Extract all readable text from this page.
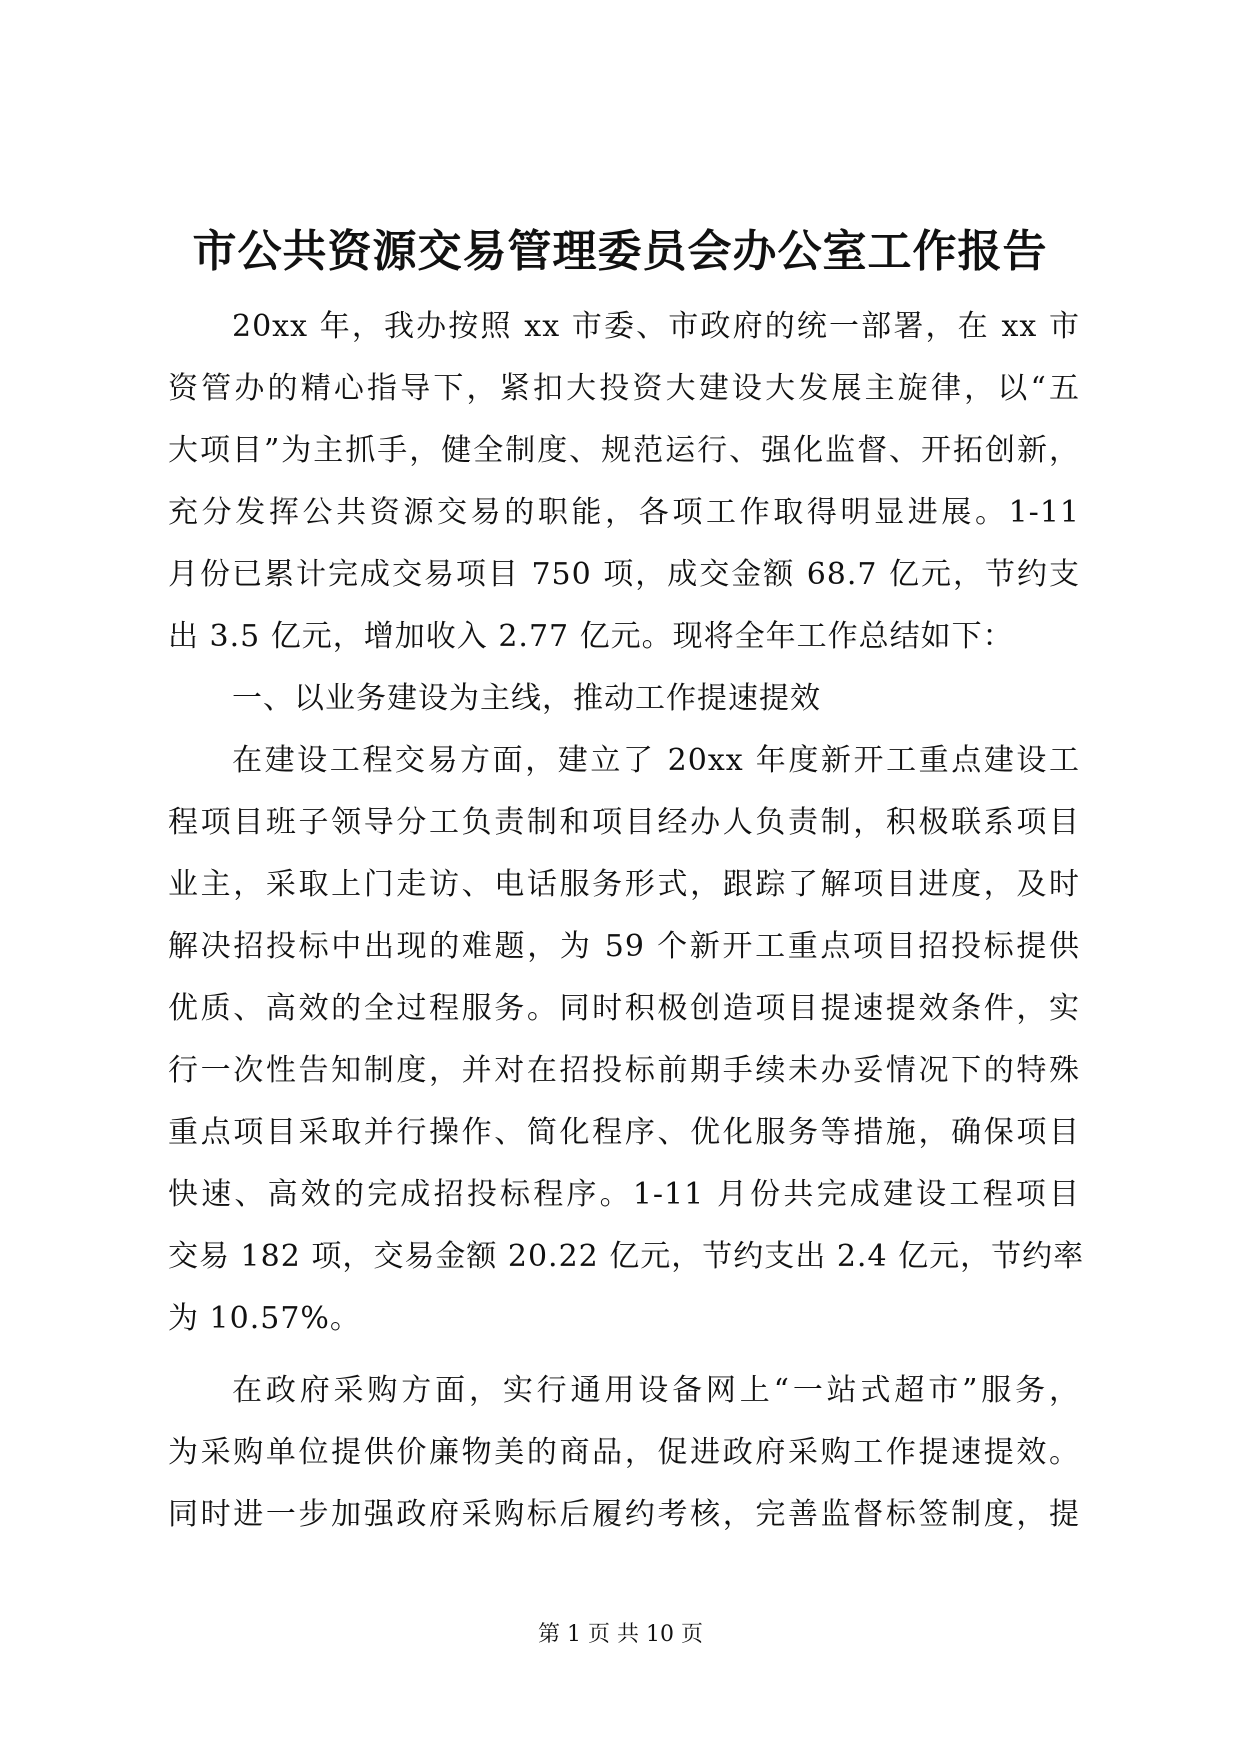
市公共资源交易管理委员会办公室工作报告
20xx 年，我办按照 xx 市委、市政府的统一部署，在 xx 市
资管办的精心指导下，紧扣大投资大建设大发展主旋律，以“五
大项目”为主抓手，健全制度、规范运行、强化监督、开拓创新，
充分发挥公共资源交易的职能，各项工作取得明显进展。1-11
月份已累计完成交易项目 750 项，成交金额 68.7 亿元，节约支
出 3.5 亿元，增加收入 2.77 亿元。现将全年工作总结如下：
一、以业务建设为主线，推动工作提速提效
在建设工程交易方面，建立了 20xx 年度新开工重点建设工
程项目班子领导分工负责制和项目经办人负责制，积极联系项目
业主，采取上门走访、电话服务形式，跟踪了解项目进度，及时
解决招投标中出现的难题，为 59 个新开工重点项目招投标提供
优质、高效的全过程服务。同时积极创造项目提速提效条件，实
行一次性告知制度，并对在招投标前期手续未办妥情况下的特殊
重点项目采取并行操作、简化程序、优化服务等措施，确保项目
快速、高效的完成招投标程序。1-11 月份共完成建设工程项目
交易 182 项，交易金额 20.22 亿元，节约支出 2.4 亿元，节约率
为 10.57%。
在政府采购方面，实行通用设备网上“一站式超市”服务，
为采购单位提供价廉物美的商品，促进政府采购工作提速提效。
同时进一步加强政府采购标后履约考核，完善监督标签制度，提
第 1 页 共 10 页
